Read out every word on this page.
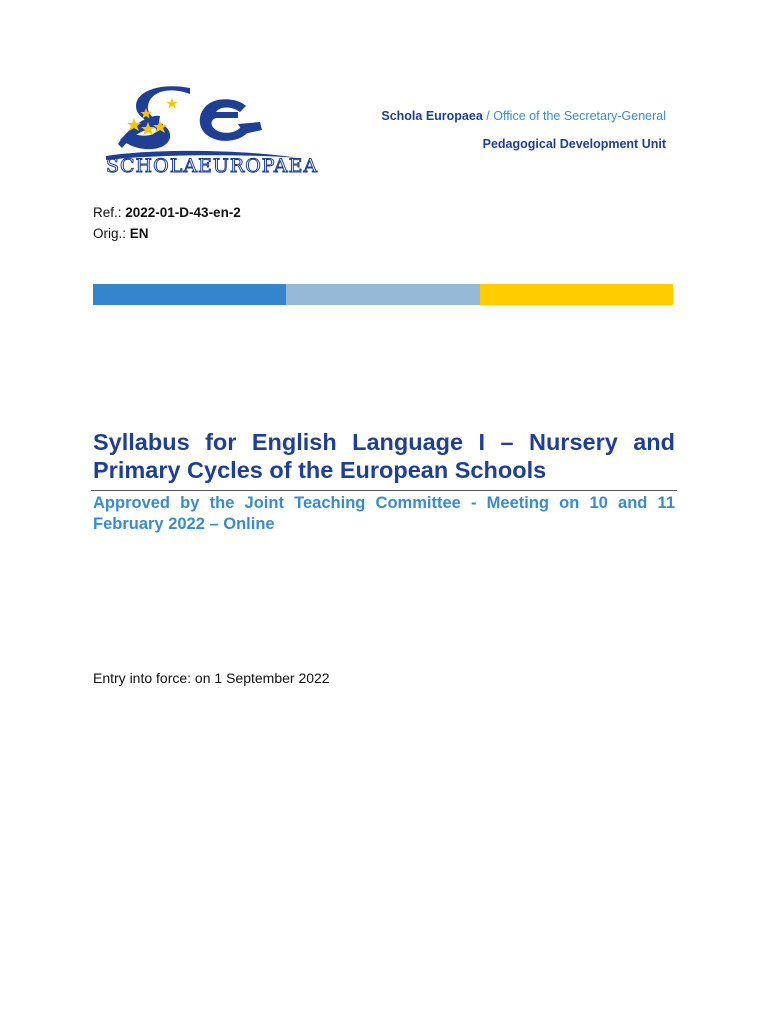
SCHOLAEUROPAEA
Schola Europaea / Office of the Secretary-General
Pedagogical Development Unit
Ref.: 2022-01-D-43-en-2
Orig.: EN
Syllabus for English Language I – Nursery and Primary Cycles of the European Schools

Approved by the Joint Teaching Committee - Meeting on 10 and 11 February 2022 – Online

Entry into force: on 1 September 2022
